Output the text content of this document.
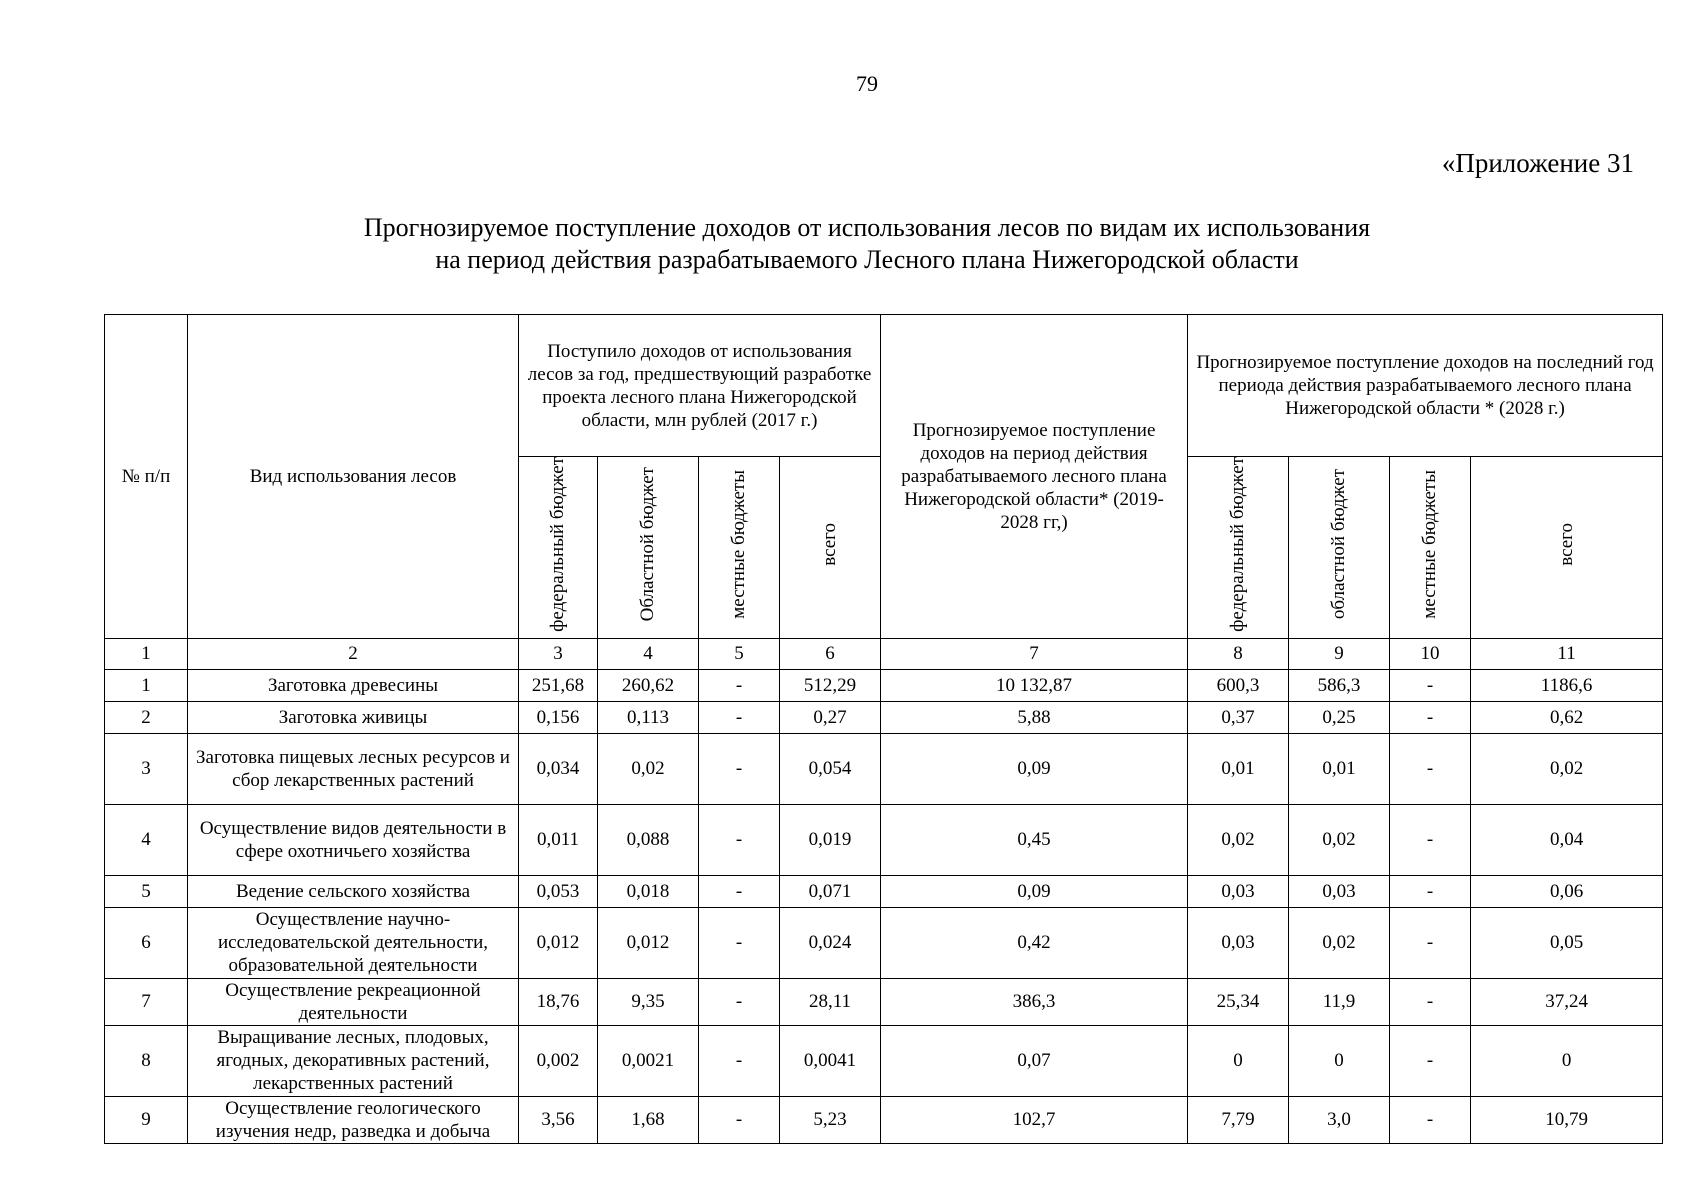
79
«Приложение 31
Прогнозируемое поступление доходов от использования лесов по видам их использования
на период действия разрабатываемого Лесного плана Нижегородской области
№ п/п	Вид использования лесов	Поступило доходов от использования лесов за год, предшествующий разработке проекта лесного плана Нижегородской области, млн рублей (2017 г.)				Прогнозируемое поступление доходов на период действия разрабатываемого лесного плана Нижегородской области* (2019-2028 гг,)	Прогнозируемое поступление доходов на последний год периода действия разрабатываемого лесного плана Нижегородской области * (2028 г.)			
		федеральный бюджет	Областной бюджет	местные бюджеты	всего		федеральный бюджет	областной бюджет	местные бюджеты	всего
1	2	3	4	5	6	7	8	9	10	11
1	Заготовка древесины	251,68	260,62	-	512,29	10 132,87	600,3	586,3	-	1186,6
2	Заготовка живицы	0,156	0,113	-	0,27	5,88	0,37	0,25	-	0,62
3	Заготовка пищевых лесных ресурсов и сбор лекарственных растений	0,034	0,02	-	0,054	0,09	0,01	0,01	-	0,02
4	Осуществление видов деятельности в сфере охотничьего хозяйства	0,011	0,088	-	0,019	0,45	0,02	0,02	-	0,04
5	Ведение сельского хозяйства	0,053	0,018	-	0,071	0,09	0,03	0,03	-	0,06
6	Осуществление научно-исследовательской деятельности, образовательной деятельности	0,012	0,012	-	0,024	0,42	0,03	0,02	-	0,05
7	Осуществление рекреационной деятельности	18,76	9,35	-	28,11	386,3	25,34	11,9	-	37,24
8	Выращивание лесных, плодовых, ягодных, декоративных растений, лекарственных растений	0,002	0,0021	-	0,0041	0,07	0	0	-	0
9	Осуществление геологического изучения недр, разведка и добыча	3,56	1,68	-	5,23	102,7	7,79	3,0	-	10,79
